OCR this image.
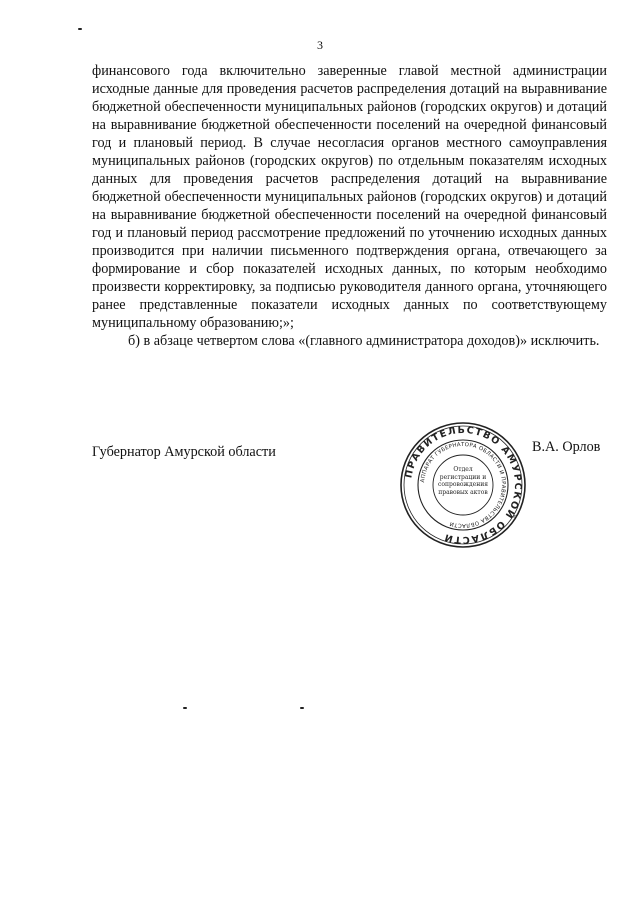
3

финансового года включительно заверенные главой местной администрации исходные данные для проведения расчетов распределения дотаций на выравнивание бюджетной обеспеченности муниципальных районов (городских округов) и дотаций на выравнивание бюджетной обеспеченности поселений на очередной финансовый год и плановый период. В случае несогласия органов местного самоуправления муниципальных районов (городских округов) по отдельным показателям исходных данных для проведения расчетов распределения дотаций на выравнивание бюджетной обеспеченности муниципальных районов (городских округов) и дотаций на выравнивание бюджетной обеспеченности поселений на очередной финансовый год и плановый период рассмотрение предложений по уточнению исходных данных производится при наличии письменного подтверждения органа, отвечающего за формирование и сбор показателей исходных данных, по которым необходимо произвести корректировку, за подписью руководителя данного органа, уточняющего ранее представленные показатели исходных данных по соответствующему муниципальному образованию;»;

б) в абзаце четвертом слова «(главного администратора доходов)» исключить.

Губернатор Амурской области	В.А. Орлов
ПРАВИТЕЛЬСТВО АМУРСКОЙ ОБЛАСТИ
АППАРАТ ГУБЕРНАТОРА ОБЛАСТИ И ПРАВИТЕЛЬСТВА ОБЛАСТИ
Отдел регистрации и сопровождения правовых актов
